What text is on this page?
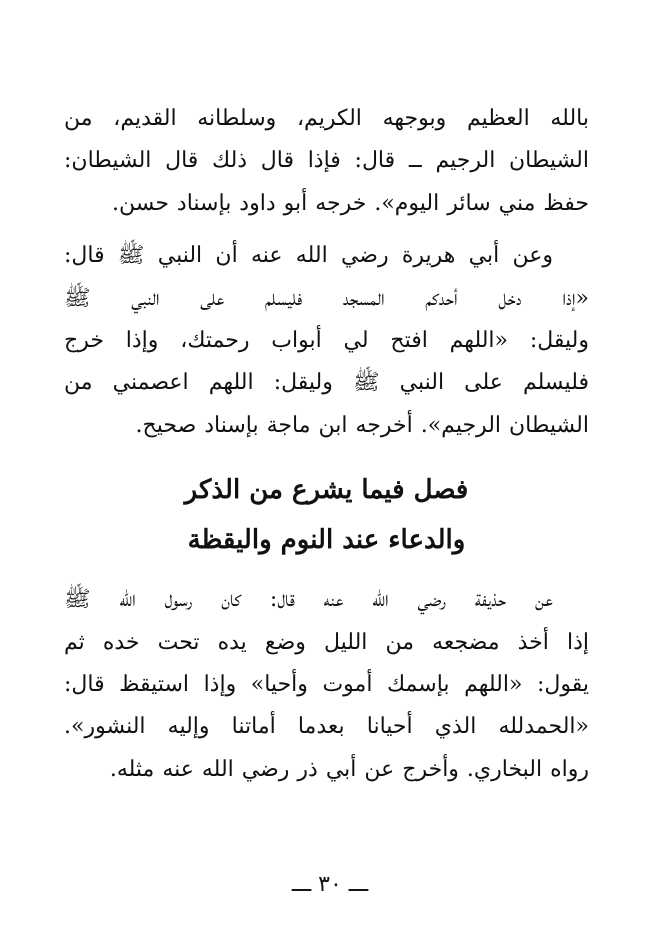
بالله العظيم وبوجهه الكريم، وسلطانه القديم، من
الشيطان الرجيم ــ قال: فإذا قال ذلك قال الشيطان:
حفظ مني سائر اليوم». خرجه أبو داود بإسناد حسن.

وعن أبي هريرة رضي الله عنه أن النبي ﷺ قال:
«إذا دخل أحدكم المسجد فليسلم على النبي ﷺ
وليقل: «اللهم افتح لي أبواب رحمتك، وإذا خرج
فليسلم على النبي ﷺ وليقل: اللهم اعصمني من
الشيطان الرجيم». أخرجه ابن ماجة بإسناد صحيح.

فصل فيما يشرع من الذكر

والدعاء عند النوم واليقظة

عن حذيفة رضي الله عنه قال: كان رسول الله ﷺ
إذا أخذ مضجعه من الليل وضع يده تحت خده ثم
يقول: «اللهم بإسمك أموت وأحيا» وإذا استيقظ قال:
«الحمدلله الذي أحيانا بعدما أماتنا وإليه النشور».
رواه البخاري. وأخرج عن أبي ذر رضي الله عنه مثله.

ـــ ٣٠ ـــ
